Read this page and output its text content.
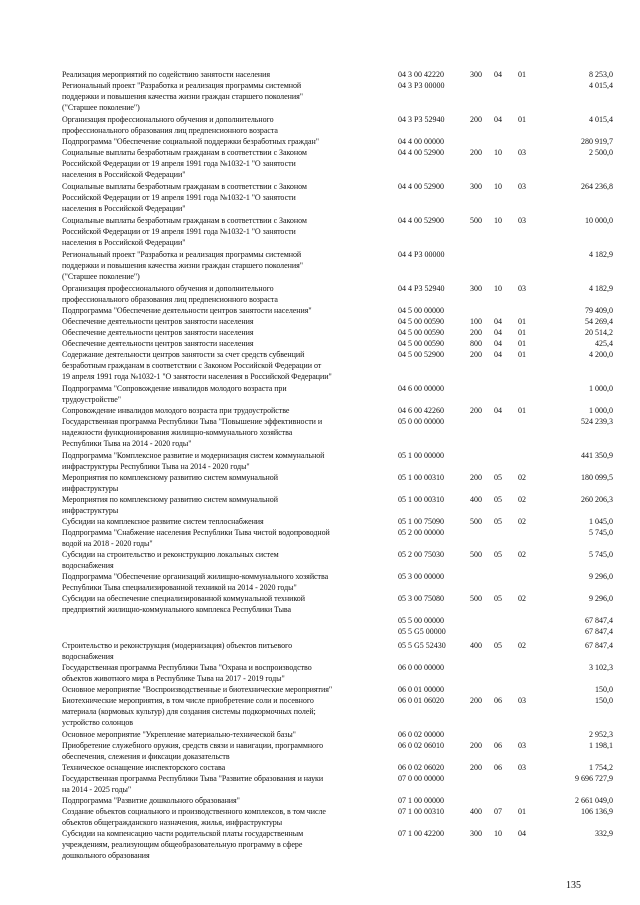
Реализация мероприятий по содействию занятости населения	04 3 00 42220	300	04	01	8 253,0
Региональный проект "Разработка и реализация программы системной
поддержки и повышения качества жизни граждан старшего поколения"
("Старшее поколение")
04 3 Р3 00000	4 015,4
Организация профессионального обучения и дополнительного
профессионального образования лиц предпенсионного возраста
04 3 Р3 52940	200	04	01	4 015,4
Подпрограмма "Обеспечение социальной поддержки безработных граждан"	04 4 00 00000	280 919,7
Социальные выплаты безработным гражданам в соответствии с Законом
Российской Федерации от 19 апреля 1991 года №1032-1 "О занятости
населения в Российской Федерации"
04 4 00 52900	200	10	03	2 500,0
Социальные выплаты безработным гражданам в соответствии с Законом
Российской Федерации от 19 апреля 1991 года №1032-1 "О занятости
населения в Российской Федерации"
04 4 00 52900	300	10	03	264 236,8
Социальные выплаты безработным гражданам в соответствии с Законом
Российской Федерации от 19 апреля 1991 года №1032-1 "О занятости
населения в Российской Федерации"
04 4 00 52900	500	10	03	10 000,0
Региональный проект "Разработка и реализация программы системной
поддержки и повышения качества жизни граждан старшего поколения"
("Старшее поколение")
04 4 Р3 00000	4 182,9
Организация профессионального обучения и дополнительного
профессионального образования лиц предпенсионного возраста
04 4 Р3 52940	300	10	03	4 182,9
Подпрограмма "Обеспечение деятельности центров занятости населения"	04 5 00 00000	79 409,0
Обеспечение деятельности центров занятости населения	04 5 00 00590	100	04	01	54 269,4
Обеспечение деятельности центров занятости населения	04 5 00 00590	200	04	01	20 514,2
Обеспечение деятельности центров занятости населения	04 5 00 00590	800	04	01	425,4
Содержание деятельности центров занятости за счет средств субвенций
безработным гражданам в соответствии с Законом Российской Федерации от
19 апреля 1991 года №1032-1 "О занятости населения в Российской Федерации"
04 5 00 52900	200	04	01	4 200,0
Подпрограмма "Сопровождение инвалидов молодого возраста при
трудоустройстве"
04 6 00 00000	1 000,0
Сопровождение инвалидов молодого возраста при трудоустройстве	04 6 00 42260	200	04	01	1 000,0
Государственная программа Республики Тыва "Повышение эффективности и
надежности функционирования жилищно-коммунального хозяйства
Республики Тыва на 2014 - 2020 годы"
05 0 00 00000	524 239,3
Подпрограмма "Комплексное развитие и модернизация систем коммунальной
инфраструктуры Республики Тыва на 2014 - 2020 годы"
05 1 00 00000	441 350,9
Мероприятия по комплексному развитию систем коммунальной
инфраструктуры
05 1 00 00310	200	05	02	180 099,5
Мероприятия по комплексному развитию систем коммунальной
инфраструктуры
05 1 00 00310	400	05	02	260 206,3
Субсидии на комплексное развитие систем теплоснабжения	05 1 00 75090	500	05	02	1 045,0
Подпрограмма "Снабжение населения Республики Тыва чистой водопроводной
водой на 2018 - 2020 годы"
05 2 00 00000	5 745,0
Субсидии на строительство и реконструкцию локальных систем
водоснабжения
05 2 00 75030	500	05	02	5 745,0
Подпрограмма "Обеспечение организаций жилищно-коммунального хозяйства
Республики Тыва специализированной техникой на 2014 - 2020 годы"
05 3 00 00000	9 296,0
Субсидии на обеспечение специализированной коммунальной техникой
предприятий жилищно-коммунального комплекса Республики Тыва
05 3 00 75080	500	05	02	9 296,0
05 5 00 00000	67 847,4
05 5 G5 00000	67 847,4
Строительство и реконструкция (модернизация) объектов питьевого
водоснабжения
05 5 G5 52430	400	05	02	67 847,4
Государственная программа Республики Тыва "Охрана и воспроизводство
объектов животного мира в Республике Тыва на 2017 - 2019 годы"
06 0 00 00000	3 102,3
Основное мероприятие "Воспроизводственные и биотехнические мероприятия"	06 0 01 00000	150,0
Биотехнические мероприятия, в том числе приобретение соли и посевного
материала (кормовых культур) для создания системы подкормочных полей;
устройство солонцов
06 0 01 06020	200	06	03	150,0
Основное мероприятие "Укрепление материально-технической базы"	06 0 02 00000	2 952,3
Приобретение служебного оружия, средств связи и навигации, программного
обеспечения, слежения и фиксации доказательств
06 0 02 06010	200	06	03	1 198,1
Техническое оснащение инспекторского состава	06 0 02 06020	200	06	03	1 754,2
Государственная программа Республики Тыва "Развитие образования и науки
на 2014 - 2025 годы"
07 0 00 00000	9 696 727,9
Подпрограмма "Развитие дошкольного образования"	07 1 00 00000	2 661 049,0
Создание объектов социального и производственного комплексов, в том числе
объектов общегражданского назначения, жилья, инфраструктуры
07 1 00 00310	400	07	01	106 136,9
Субсидии на компенсацию части родительской платы государственным
учреждениям, реализующим общеобразовательную программу в сфере
дошкольного образования
07 1 00 42200	300	10	04	332,9
135
